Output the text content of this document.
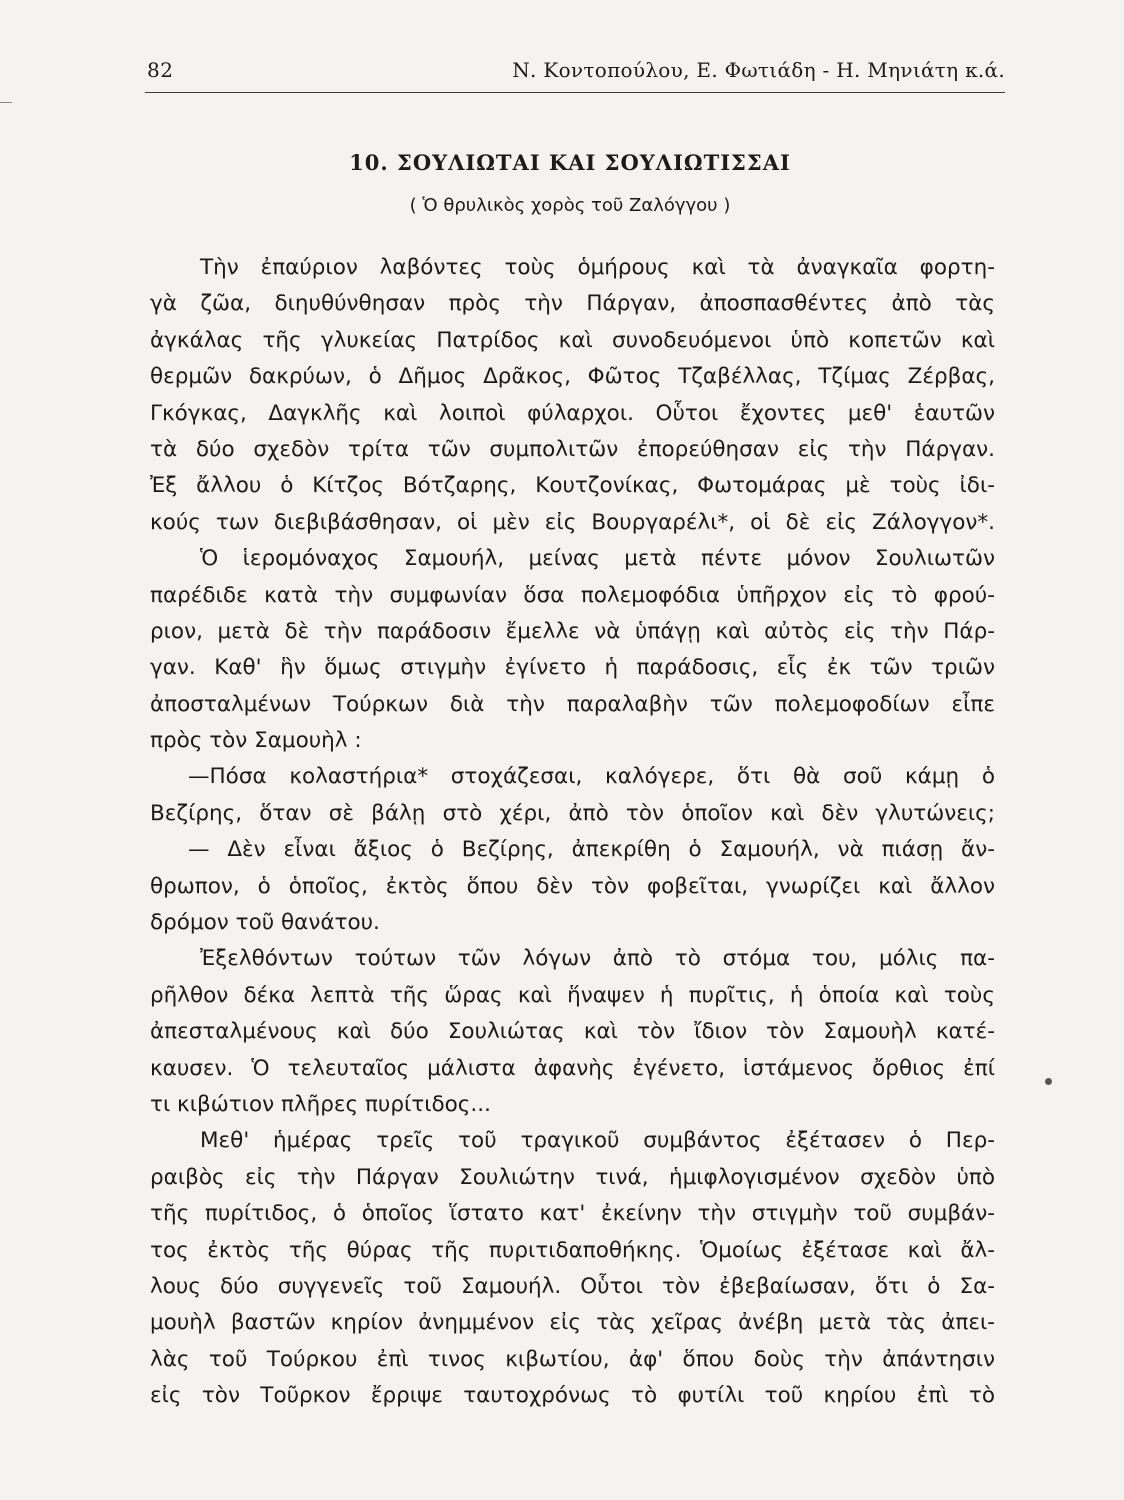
82	Ν. Κοντοπούλου, Ε. Φωτιάδη - Η. Μηνιάτη κ.ά.
10. ΣΟΥΛΙΩΤΑΙ ΚΑΙ ΣΟΥΛΙΩΤΙΣΣΑΙ
( Ὁ θρυλικὸς χορὸς τοῦ Ζαλόγγου )
Τὴν ἐπαύριον λαβόντες τοὺς ὁμήρους καὶ τὰ ἀναγκαῖα φορτη-
γὰ ζῶα, διηυθύνθησαν πρὸς τὴν Πάργαν, ἀποσπασθέντες ἀπὸ τὰς
ἀγκάλας τῆς γλυκείας Πατρίδος καὶ συνοδευόμενοι ὑπὸ κοπετῶν καὶ
θερμῶν δακρύων, ὁ Δῆμος Δρᾶκος, Φῶτος Τζαβέλλας, Τζίμας Ζέρβας,
Γκόγκας, Δαγκλῆς καὶ λοιποὶ φύλαρχοι. Οὗτοι ἔχοντες μεθ' ἑαυτῶν
τὰ δύο σχεδὸν τρίτα τῶν συμπολιτῶν ἐπορεύθησαν εἰς τὴν Πάργαν.
Ἐξ ἄλλου ὁ Κίτζος Βότζαρης, Κουτζονίκας, Φωτομάρας μὲ τοὺς ἰδι-
κούς των διεβιβάσθησαν, οἱ μὲν εἰς Βουργαρέλι*, οἱ δὲ εἰς Ζάλογγον*.
Ὁ ἱερομόναχος Σαμουήλ, μείνας μετὰ πέντε μόνον Σουλιωτῶν
παρέδιδε κατὰ τὴν συμφωνίαν ὅσα πολεμοφόδια ὑπῆρχον εἰς τὸ φρού-
ριον, μετὰ δὲ τὴν παράδοσιν ἔμελλε νὰ ὑπάγῃ καὶ αὐτὸς εἰς τὴν Πάρ-
γαν. Καθ' ἣν ὅμως στιγμὴν ἐγίνετο ἡ παράδοσις, εἷς ἐκ τῶν τριῶν
ἀποσταλμένων Τούρκων διὰ τὴν παραλαβὴν τῶν πολεμοφοδίων εἶπε
πρὸς τὸν Σαμουὴλ :
—Πόσα κολαστήρια* στοχάζεσαι, καλόγερε, ὅτι θὰ σοῦ κάμῃ ὁ
Βεζίρης, ὅταν σὲ βάλῃ στὸ χέρι, ἀπὸ τὸν ὁποῖον καὶ δὲν γλυτώνεις;
— Δὲν εἶναι ἄξιος ὁ Βεζίρης, ἀπεκρίθη ὁ Σαμουήλ, νὰ πιάσῃ ἄν-
θρωπον, ὁ ὁποῖος, ἐκτὸς ὅπου δὲν τὸν φοβεῖται, γνωρίζει καὶ ἄλλον
δρόμον τοῦ θανάτου.
Ἐξελθόντων τούτων τῶν λόγων ἀπὸ τὸ στόμα του, μόλις πα-
ρῆλθον δέκα λεπτὰ τῆς ὥρας καὶ ἥναψεν ἡ πυρῖτις, ἡ ὁποία καὶ τοὺς
ἀπεσταλμένους καὶ δύο Σουλιώτας καὶ τὸν ἴδιον τὸν Σαμουὴλ κατέ-
καυσεν. Ὁ τελευταῖος μάλιστα ἀφανὴς ἐγένετο, ἱστάμενος ὄρθιος ἐπί
τι κιβώτιον πλῆρες πυρίτιδος...
Μεθ' ἡμέρας τρεῖς τοῦ τραγικοῦ συμβάντος ἐξέτασεν ὁ Περ-
ραιβὸς εἰς τὴν Πάργαν Σουλιώτην τινά, ἡμιφλογισμένον σχεδὸν ὑπὸ
τῆς πυρίτιδος, ὁ ὁποῖος ἵστατο κατ' ἐκείνην τὴν στιγμὴν τοῦ συμβάν-
τος ἐκτὸς τῆς θύρας τῆς πυριτιδαποθήκης. Ὁμοίως ἐξέτασε καὶ ἄλ-
λους δύο συγγενεῖς τοῦ Σαμουήλ. Οὗτοι τὸν ἐβεβαίωσαν, ὅτι ὁ Σα-
μουὴλ βαστῶν κηρίον ἀνημμένον εἰς τὰς χεῖρας ἀνέβη μετὰ τὰς ἀπει-
λὰς τοῦ Τούρκου ἐπὶ τινος κιβωτίου, ἀφ' ὅπου δοὺς τὴν ἀπάντησιν
εἰς τὸν Τοῦρκον ἔρριψε ταυτοχρόνως τὸ φυτίλι τοῦ κηρίου ἐπὶ τὸ
